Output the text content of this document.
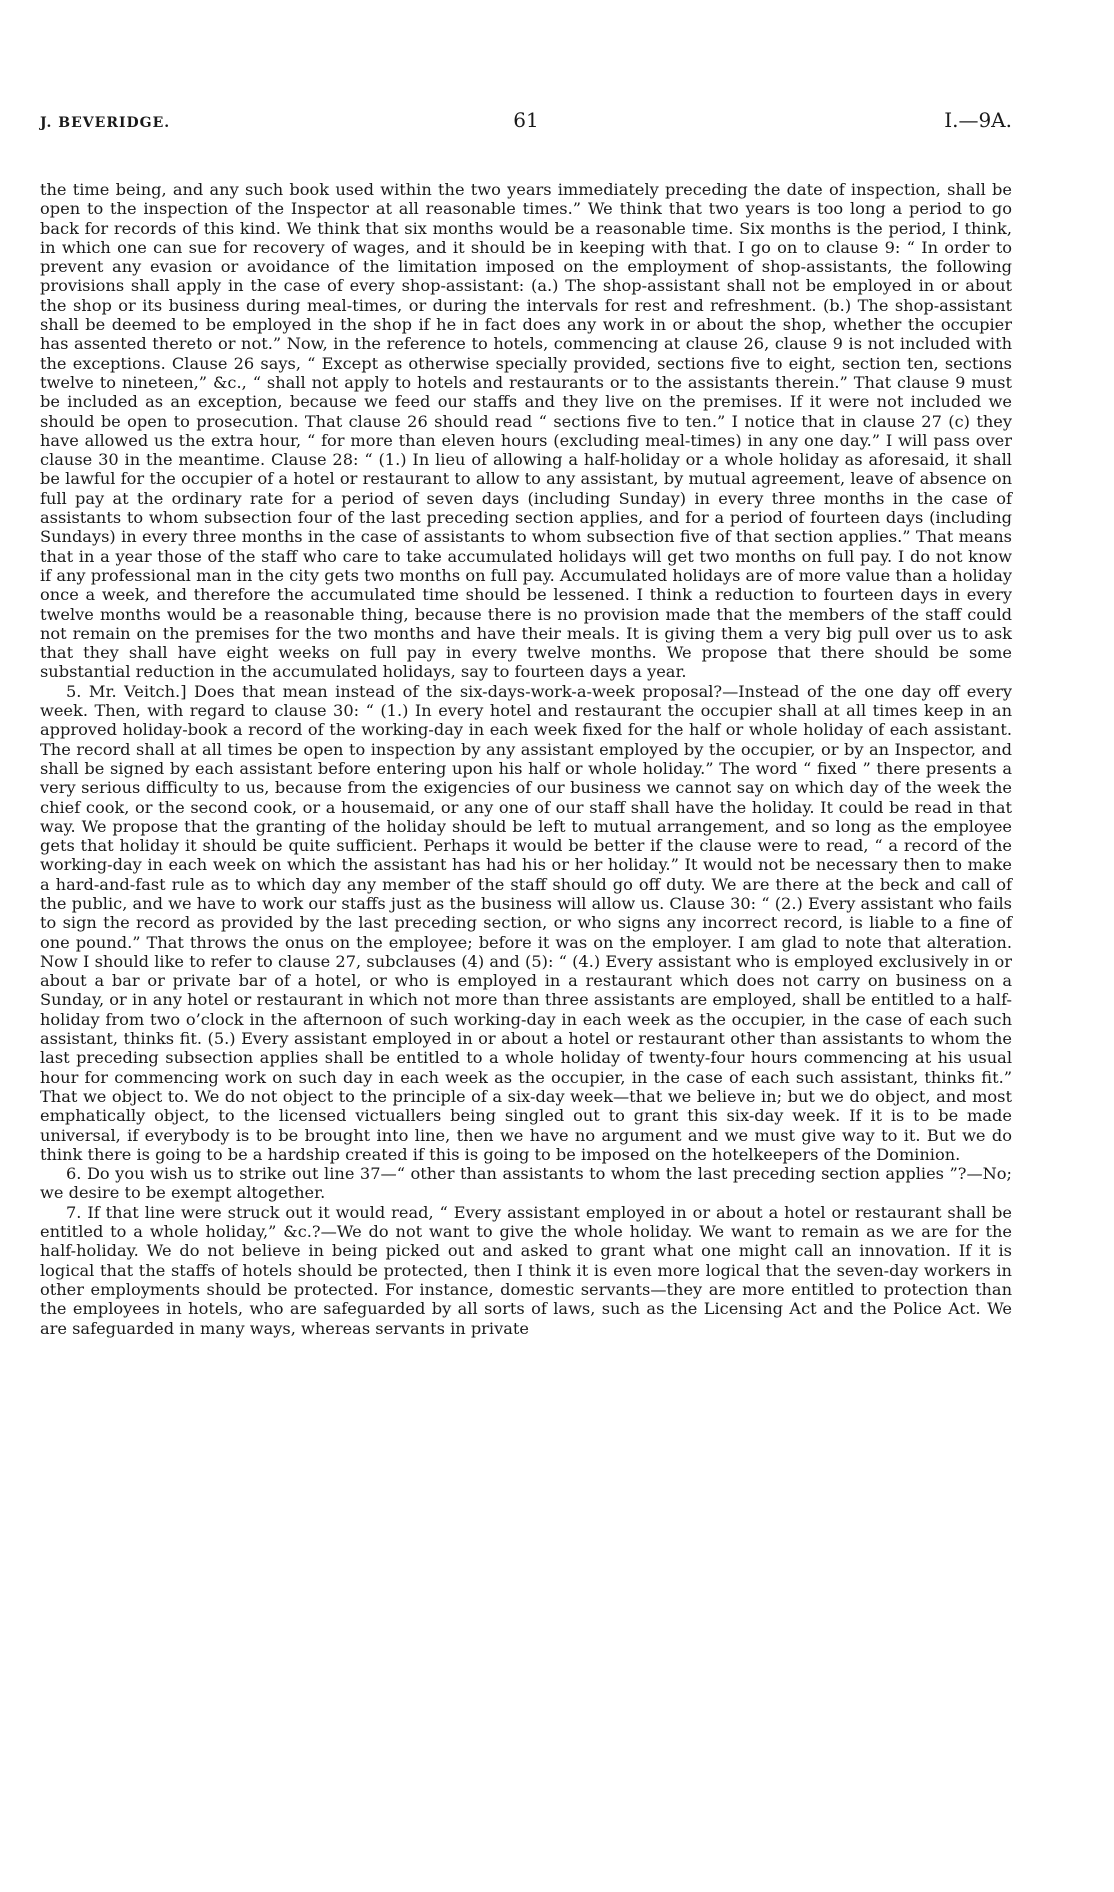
J. BEVERIDGE.	61	I.—9A.

the time being, and any such book used within the two years immediately preceding the date of inspection, shall be open to the inspection of the Inspector at all reasonable times.” We think that two years is too long a period to go back for records of this kind. We think that six months would be a reasonable time. Six months is the period, I think, in which one can sue for recovery of wages, and it should be in keeping with that. I go on to clause 9: “ In order to prevent any evasion or avoidance of the limitation imposed on the employment of shop-assistants, the following provisions shall apply in the case of every shop-assistant: (a.) The shop-assistant shall not be employed in or about the shop or its business during meal-times, or during the intervals for rest and refreshment. (b.) The shop-assistant shall be deemed to be employed in the shop if he in fact does any work in or about the shop, whether the occupier has assented thereto or not.” Now, in the reference to hotels, commencing at clause 26, clause 9 is not included with the exceptions. Clause 26 says, “ Except as otherwise specially provided, sections five to eight, section ten, sections twelve to nineteen,” &c., “ shall not apply to hotels and restaurants or to the assistants therein.” That clause 9 must be included as an exception, because we feed our staffs and they live on the premises. If it were not included we should be open to prosecution. That clause 26 should read “ sections five to ten.” I notice that in clause 27 (c) they have allowed us the extra hour, “ for more than eleven hours (excluding meal-times) in any one day.” I will pass over clause 30 in the meantime. Clause 28: “ (1.) In lieu of allowing a half-holiday or a whole holiday as aforesaid, it shall be lawful for the occupier of a hotel or restaurant to allow to any assistant, by mutual agreement, leave of absence on full pay at the ordinary rate for a period of seven days (including Sunday) in every three months in the case of assistants to whom subsection four of the last preceding section applies, and for a period of fourteen days (including Sundays) in every three months in the case of assistants to whom subsection five of that section applies.” That means that in a year those of the staff who care to take accumulated holidays will get two months on full pay. I do not know if any professional man in the city gets two months on full pay. Accumulated holidays are of more value than a holiday once a week, and therefore the accumulated time should be lessened. I think a reduction to fourteen days in every twelve months would be a reasonable thing, because there is no provision made that the members of the staff could not remain on the premises for the two months and have their meals. It is giving them a very big pull over us to ask that they shall have eight weeks on full pay in every twelve months. We propose that there should be some substantial reduction in the accumulated holidays, say to fourteen days a year.

5. Mr. Veitch.] Does that mean instead of the six-days-work-a-week proposal?—Instead of the one day off every week. Then, with regard to clause 30: “ (1.) In every hotel and restaurant the occupier shall at all times keep in an approved holiday-book a record of the working-day in each week fixed for the half or whole holiday of each assistant. The record shall at all times be open to inspection by any assistant employed by the occupier, or by an Inspector, and shall be signed by each assistant before entering upon his half or whole holiday.” The word “ fixed ” there presents a very serious difficulty to us, because from the exigencies of our business we cannot say on which day of the week the chief cook, or the second cook, or a housemaid, or any one of our staff shall have the holiday. It could be read in that way. We propose that the granting of the holiday should be left to mutual arrangement, and so long as the employee gets that holiday it should be quite sufficient. Perhaps it would be better if the clause were to read, “ a record of the working-day in each week on which the assistant has had his or her holiday.” It would not be necessary then to make a hard-and-fast rule as to which day any member of the staff should go off duty. We are there at the beck and call of the public, and we have to work our staffs just as the business will allow us. Clause 30: “ (2.) Every assistant who fails to sign the record as provided by the last preceding section, or who signs any incorrect record, is liable to a fine of one pound.” That throws the onus on the employee; before it was on the employer. I am glad to note that alteration. Now I should like to refer to clause 27, subclauses (4) and (5): “ (4.) Every assistant who is employed exclusively in or about a bar or private bar of a hotel, or who is employed in a restaurant which does not carry on business on a Sunday, or in any hotel or restaurant in which not more than three assistants are employed, shall be entitled to a half-holiday from two o’clock in the afternoon of such working-day in each week as the occupier, in the case of each such assistant, thinks fit. (5.) Every assistant employed in or about a hotel or restaurant other than assistants to whom the last preceding subsection applies shall be entitled to a whole holiday of twenty-four hours commencing at his usual hour for commencing work on such day in each week as the occupier, in the case of each such assistant, thinks fit.” That we object to. We do not object to the principle of a six-day week—that we believe in; but we do object, and most emphatically object, to the licensed victuallers being singled out to grant this six-day week. If it is to be made universal, if everybody is to be brought into line, then we have no argument and we must give way to it. But we do think there is going to be a hardship created if this is going to be imposed on the hotelkeepers of the Dominion.

6. Do you wish us to strike out line 37—“ other than assistants to whom the last preceding section applies ”?—No; we desire to be exempt altogether.

7. If that line were struck out it would read, “ Every assistant employed in or about a hotel or restaurant shall be entitled to a whole holiday,” &c.?—We do not want to give the whole holiday. We want to remain as we are for the half-holiday. We do not believe in being picked out and asked to grant what one might call an innovation. If it is logical that the staffs of hotels should be protected, then I think it is even more logical that the seven-day workers in other employments should be protected. For instance, domestic servants—they are more entitled to protection than the employees in hotels, who are safeguarded by all sorts of laws, such as the Licensing Act and the Police Act. We are safeguarded in many ways, whereas servants in private
